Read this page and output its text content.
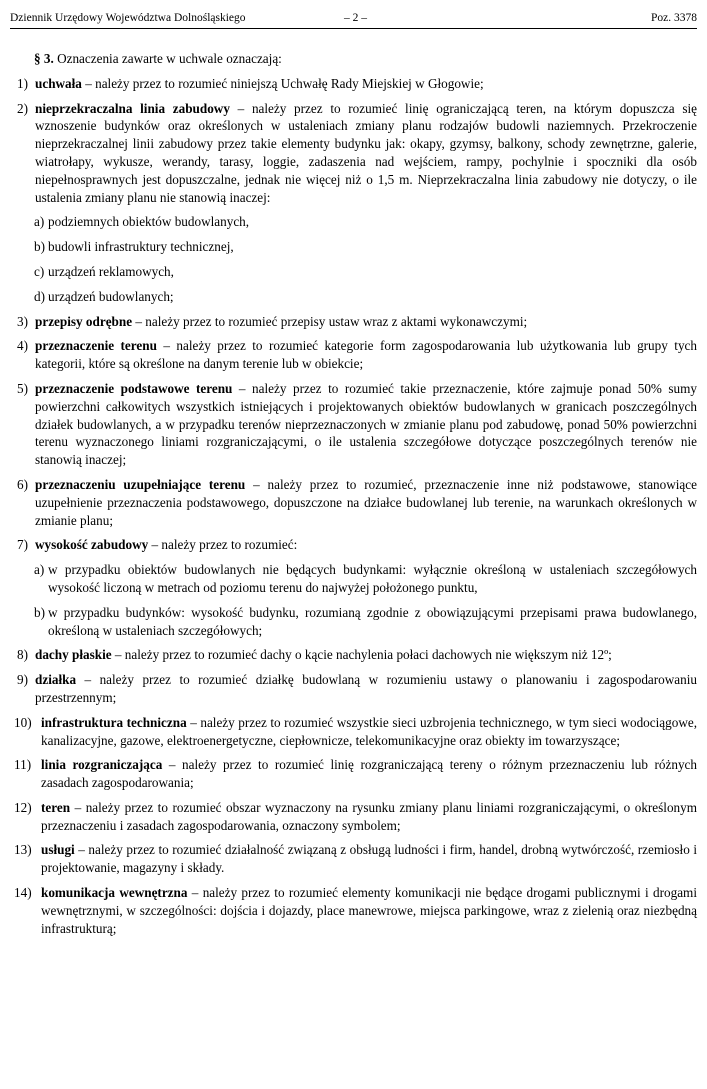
Dziennik Urzędowy Województwa Dolnośląskiego	– 2 –	Poz. 3378
§ 3. Oznaczenia zawarte w uchwale oznaczają:
1) uchwała – należy przez to rozumieć niniejszą Uchwałę Rady Miejskiej w Głogowie;
2) nieprzekraczalna linia zabudowy – należy przez to rozumieć linię ograniczającą teren, na którym dopuszcza się wznoszenie budynków oraz określonych w ustaleniach zmiany planu rodzajów budowli naziemnych. Przekroczenie nieprzekraczalnej linii zabudowy przez takie elementy budynku jak: okapy, gzymsy, balkony, schody zewnętrzne, galerie, wiatrołapy, wykusze, werandy, tarasy, loggie, zadaszenia nad wejściem, rampy, pochylnie i spoczniki dla osób niepełnosprawnych jest dopuszczalne, jednak nie więcej niż o 1,5 m. Nieprzekraczalna linia zabudowy nie dotyczy, o ile ustalenia zmiany planu nie stanowią inaczej:
a) podziemnych obiektów budowlanych,
b) budowli infrastruktury technicznej,
c) urządzeń reklamowych,
d) urządzeń budowlanych;
3) przepisy odrębne – należy przez to rozumieć przepisy ustaw wraz z aktami wykonawczymi;
4) przeznaczenie terenu – należy przez to rozumieć kategorie form zagospodarowania lub użytkowania lub grupy tych kategorii, które są określone na danym terenie lub w obiekcie;
5) przeznaczenie podstawowe terenu – należy przez to rozumieć takie przeznaczenie, które zajmuje ponad 50% sumy powierzchni całkowitych wszystkich istniejących i projektowanych obiektów budowlanych w granicach poszczególnych działek budowlanych, a w przypadku terenów nieprzeznaczonych w zmianie planu pod zabudowę, ponad 50% powierzchni terenu wyznaczonego liniami rozgraniczającymi, o ile ustalenia szczegółowe dotyczące poszczególnych terenów nie stanowią inaczej;
6) przeznaczeniu uzupełniające terenu – należy przez to rozumieć, przeznaczenie inne niż podstawowe, stanowiące uzupełnienie przeznaczenia podstawowego, dopuszczone na działce budowlanej lub terenie, na warunkach określonych w zmianie planu;
7) wysokość zabudowy – należy przez to rozumieć:
a) w przypadku obiektów budowlanych nie będących budynkami: wyłącznie określoną w ustaleniach szczegółowych wysokość liczoną w metrach od poziomu terenu do najwyżej położonego punktu,
b) w przypadku budynków: wysokość budynku, rozumianą zgodnie z obowiązującymi przepisami prawa budowlanego, określoną w ustaleniach szczegółowych;
8) dachy płaskie – należy przez to rozumieć dachy o kącie nachylenia połaci dachowych nie większym niż 12º;
9) działka – należy przez to rozumieć działkę budowlaną w rozumieniu ustawy o planowaniu i zagospodarowaniu przestrzennym;
10) infrastruktura techniczna – należy przez to rozumieć wszystkie sieci uzbrojenia technicznego, w tym sieci wodociągowe, kanalizacyjne, gazowe, elektroenergetyczne, ciepłownicze, telekomunikacyjne oraz obiekty im towarzyszące;
11) linia rozgraniczająca – należy przez to rozumieć linię rozgraniczającą tereny o różnym przeznaczeniu lub różnych zasadach zagospodarowania;
12) teren – należy przez to rozumieć obszar wyznaczony na rysunku zmiany planu liniami rozgraniczającymi, o określonym przeznaczeniu i zasadach zagospodarowania, oznaczony symbolem;
13) usługi – należy przez to rozumieć działalność związaną z obsługą ludności i firm, handel, drobną wytwórczość, rzemiosło i projektowanie, magazyny i składy.
14) komunikacja wewnętrzna – należy przez to rozumieć elementy komunikacji nie będące drogami publicznymi i drogami wewnętrznymi, w szczególności: dojścia i dojazdy, place manewrowe, miejsca parkingowe, wraz z zielenią oraz niezbędną infrastrukturą;
